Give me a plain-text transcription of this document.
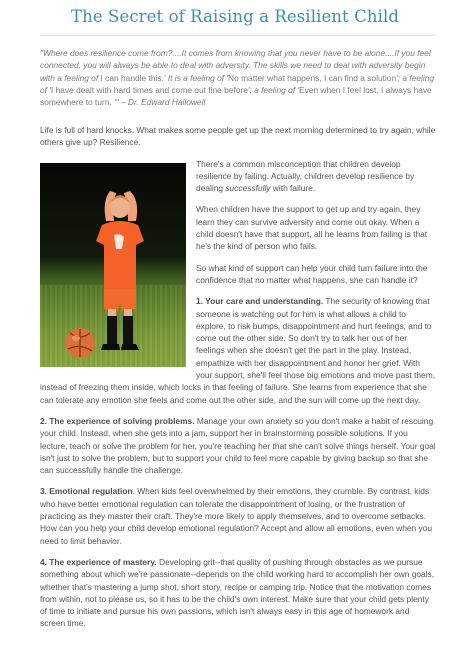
The Secret of Raising a Resilient Child
"Where does resilience come from?....It comes from knowing that you never have to be alone....If you feel connected, you will always be able to deal with adversity. The skills we need to deal with adversity begin with a feeling of I can handle this.' It is a feeling of 'No matter what happens, I can find a solution'; a feeling of 'I have dealt with hard times and come out fine before'; a feeling of 'Even when I feel lost, I always have somewhere to turn. '" – Dr. Edward Hallowell

Life is full of hard knocks. What makes some people get up the next morning determined to try again, while others give up? Resilience.

There's a common misconception that children develop resilience by failing. Actually, children develop resilience by dealing successfully with failure.

When children have the support to get up and try again, they learn they can survive adversity and come out okay. When a child doesn't have that support, all he learns from failing is that he's the kind of person who fails.

So what kind of support can help your child turn failure into the confidence that no matter what happens, she can handle it?

1. Your care and understanding. The security of knowing that someone is watching out for him is what allows a child to explore, to risk bumps, disappointment and hurt feelings, and to come out the other side. So don't try to talk her out of her feelings when she doesn't get the part in the play. Instead, empathize with her disappointment and honor her grief. With your support, she'll feel those big emotions and move past them, instead of freezing them inside, which locks in that feeling of failure. She learns from experience that she can tolerate any emotion she feels and come out the other side, and the sun will come up the next day.

2. The experience of solving problems. Manage your own anxiety so you don't make a habit of rescuing your child. Instead, when she gets into a jam, support her in brainstorming possible solutions. If you lecture, teach or solve the problem for her, you're teaching her that she can't solve things herself. Your goal isn't just to solve the problem, but to support your child to feel more capable by giving backup so that she can successfully handle the challenge.

3. Emotional regulation. When kids feel overwhelmed by their emotions, they crumble. By contrast, kids who have better emotional regulation can tolerate the disappointment of losing, or the frustration of practicing as they master their craft. They're more likely to apply themselves, and to overcome setbacks. How can you help your child develop emotional regulation? Accept and allow all emotions, even when you need to limit behavior.

4. The experience of mastery. Developing grit--that quality of pushing through obstacles as we pursue something about which we're passionate--depends on the child working hard to accomplish her own goals, whether that's mastering a jump shot, short story, recipe or camping trip. Notice that the motivation comes from within, not to please us, so it has to be the child's own interest. Make sure that your child gets plenty of time to initiate and pursue his own passions, which isn't always easy in this age of homework and screen time.
